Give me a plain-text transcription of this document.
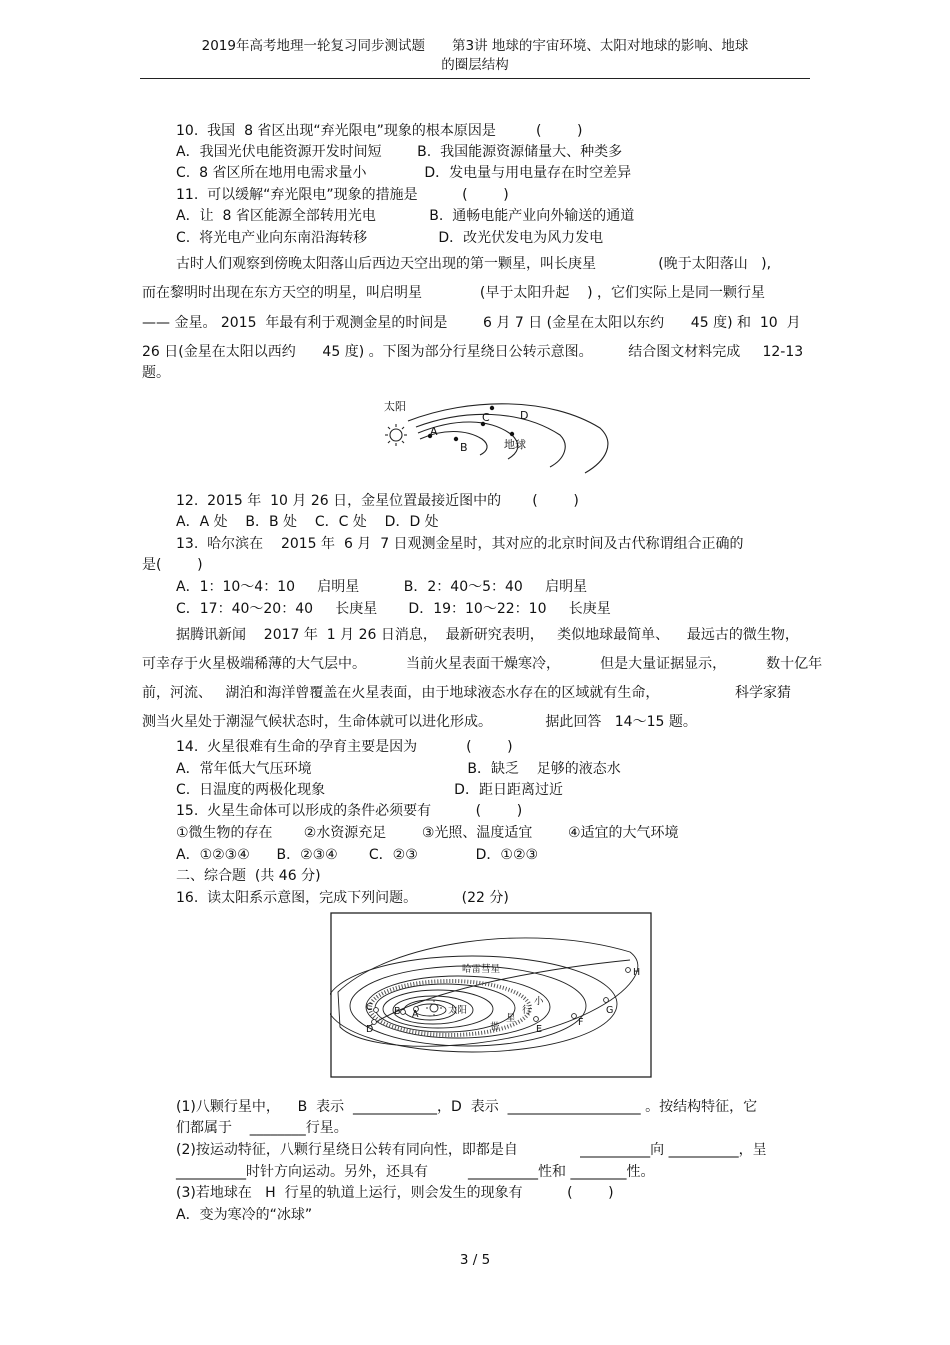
2019年高考地理一轮复习同步测试题　　第3讲 地球的宇宙环境、太阳对地球的影响、地球
的圈层结构
10.  我国  8 省区出现“弃光限电”现象的根本原因是         (        )
A．我国光伏电能资源开发时间短        B.  我国能源资源储量大、种类多
C.  8 省区所在地用电需求量小             D．发电量与用电量存在时空差异
11.  可以缓解“弃光限电”现象的措施是          (        )
A．让  8 省区能源全部转用光电            B.  通畅电能产业向外输送的通道
C.  将光电产业向东南沿海转移                D．改光伏发电为风力发电
古时人们观察到傍晚太阳落山后西边天空出现的第一颗星，叫长庚星              (晚于太阳落山   ),
而在黎明时出现在东方天空的明星，叫启明星             (早于太阳升起    ) ，它们实际上是同一颗行星
—— 金星。 2015  年最有利于观测金星的时间是        6 月 7 日 (金星在太阳以东约      45 度) 和  10  月
26 日(金星在太阳以西约      45 度) 。下图为部分行星绕日公转示意图。        结合图文材料完成     12-13
题。
12.  2015 年  10 月 26 日，金星位置最接近图中的       (        )
A．A 处    B．B 处    C．C 处    D．D 处
13.  哈尔滨在    2015 年  6 月  7 日观测金星时，其对应的北京时间及古代称谓组合正确的
是(        )
A．1：10～4：10     启明星          B．2：40～5：40     启明星
C．17：40～20：40     长庚星       D．19：10～22：10     长庚星
据腾讯新闻    2017 年  1 月 26 日消息，  最新研究表明，   类似地球最简单、    最远古的微生物，
可幸存于火星极端稀薄的大气层中。         当前火星表面干燥寒冷，         但是大量证据显示，         数十亿年
前，河流、   湖泊和海洋曾覆盖在火星表面，由于地球液态水存在的区域就有生命，                 科学家猜
测当火星处于潮湿气候状态时，生命体就可以进化形成。            据此回答   14～15 题。
14.  火星很难有生命的孕育主要是因为           (        )
A．常年低大气压环境                                   B．缺乏    足够的液态水
C.  日温度的两极化现象                             D．距日距离过近
15.  火星生命体可以形成的条件必须要有          (        )
①微生物的存在       ②水资源充足        ③光照、温度适宜        ④适宜的大气环境
A．①②③④      B．②③④       C．②③             D．①②③
二、综合题  (共 46 分)
16.  读太阳系示意图，完成下列问题。          (22 分)
(1)八颗行星中，    B  表示  ____________，D  表示  ___________________ 。按结构特征，它
们都属于    ________行星。
(2)按运动特征，八颗行星绕日公转有同向性，即都是自              __________向 __________，呈
__________时针方向运动。另外，还具有         __________性和 ________性。
(3)若地球在   H  行星的轨道上运行，则会发生的现象有          (        )
A．变为寒冷的“冰球”
太阳
A
B
C	D
地球
哈雷彗星
太阳
A
B
C
D	E
F
G
H
小
行
星
带
3 / 5
